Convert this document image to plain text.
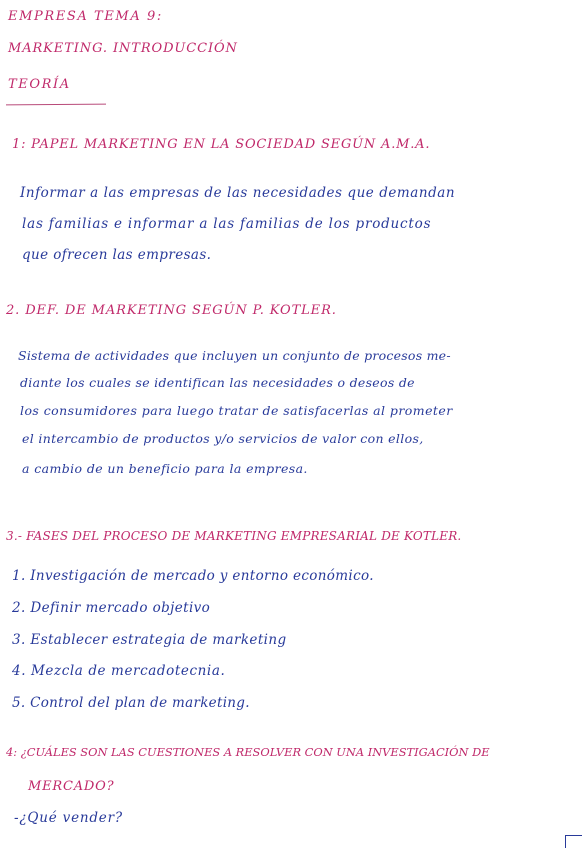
EMPRESA TEMA 9:
MARKETING. INTRODUCCIÓN
TEORÍA
1: PAPEL MARKETING EN LA SOCIEDAD SEGÚN A.M.A.
Informar a las empresas de las necesidades que demandan
las familias e informar a las familias de los productos
que ofrecen las empresas.
2. DEF. DE MARKETING SEGÚN P. KOTLER.
Sistema de actividades que incluyen un conjunto de procesos me-
diante los cuales se identifican las necesidades o deseos de
los consumidores para luego tratar de satisfacerlas al prometer
el intercambio de productos y/o servicios de valor con ellos,
a cambio de un beneficio para la empresa.
3.- FASES DEL PROCESO DE MARKETING EMPRESARIAL DE KOTLER.
1. Investigación de mercado y entorno económico.
2. Definir mercado objetivo
3. Establecer estrategia de marketing
4. Mezcla de mercadotecnia.
5. Control del plan de marketing.
4: ¿CUÁLES SON LAS CUESTIONES A RESOLVER CON UNA INVESTIGACIÓN DE
MERCADO?
-¿Qué vender?
